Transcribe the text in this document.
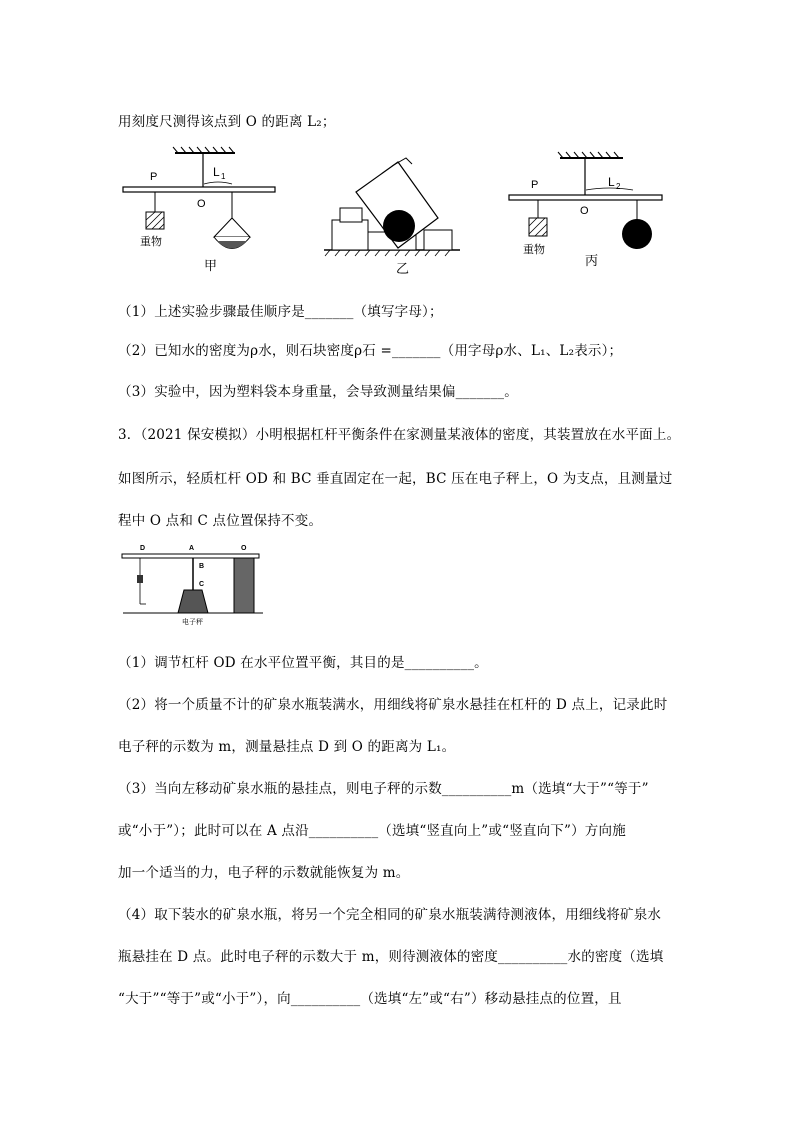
用刻度尺测得该点到 O 的距离 L₂；
P	L 1
O
重物
甲	乙
P	L 2
O
重物
丙
（1）上述实验步骤最佳顺序是_______（填写字母）；
（2）已知水的密度为ρ水，则石块密度ρ石 =_______（用字母ρ水、L₁、L₂表示）；
（3）实验中，因为塑料袋本身重量，会导致测量结果偏_______。
3．（2021 保安模拟）小明根据杠杆平衡条件在家测量某液体的密度，其装置放在水平面上。
如图所示，轻质杠杆 OD 和 BC 垂直固定在一起，BC 压在电子秤上，O 为支点，且测量过
程中 O 点和 C 点位置保持不变。
D	A	O
B
C
电子秤
（1）调节杠杆 OD 在水平位置平衡，其目的是__________。
（2）将一个质量不计的矿泉水瓶装满水，用细线将矿泉水悬挂在杠杆的 D 点上，记录此时
电子秤的示数为 m，测量悬挂点 D 到 O 的距离为 L₁。
（3）当向左移动矿泉水瓶的悬挂点，则电子秤的示数__________m（选填“大于”“等于”
或“小于”）；此时可以在 A 点沿__________（选填“竖直向上”或“竖直向下”）方向施
加一个适当的力，电子秤的示数就能恢复为 m。
（4）取下装水的矿泉水瓶，将另一个完全相同的矿泉水瓶装满待测液体，用细线将矿泉水
瓶悬挂在 D 点。此时电子秤的示数大于 m，则待测液体的密度__________水的密度（选填
“大于”“等于”或“小于”），向__________（选填“左”或“右”）移动悬挂点的位置，且
